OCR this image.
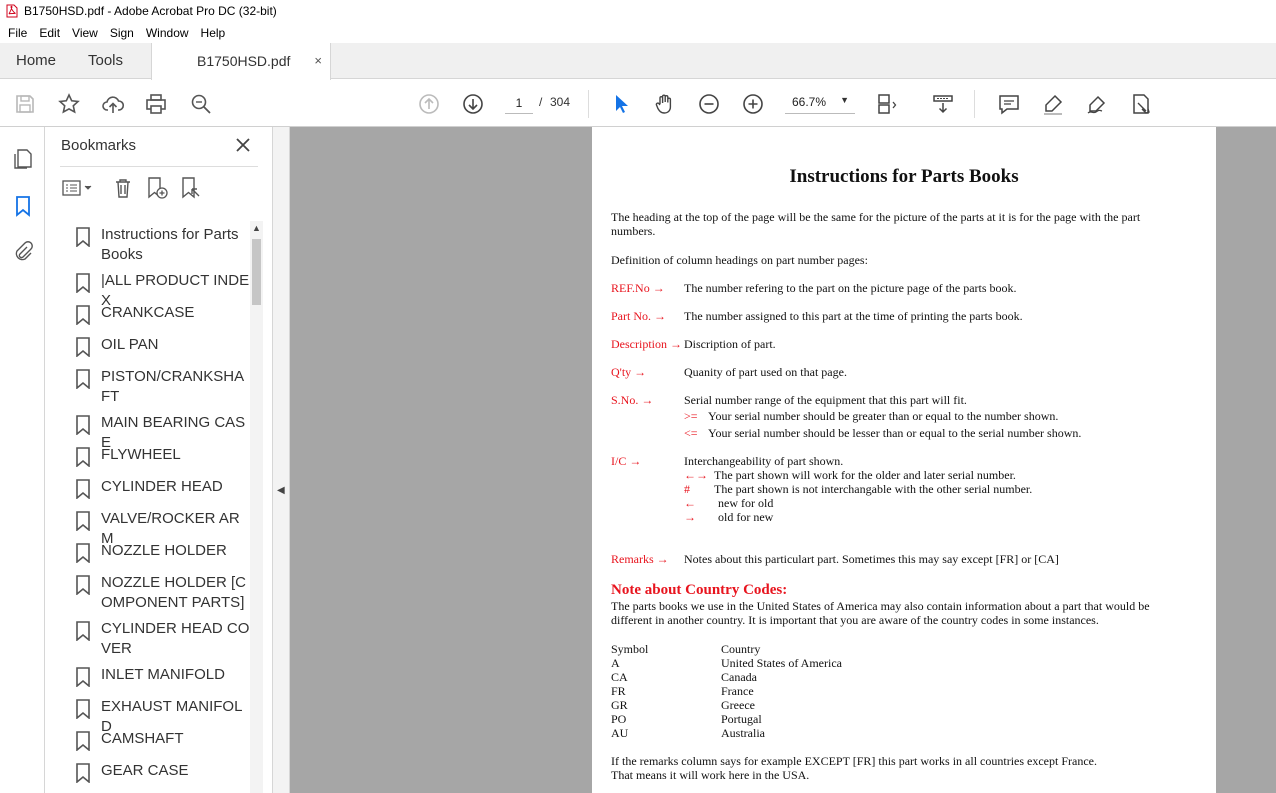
B1750HSD.pdf - Adobe Acrobat Pro DC (32-bit)
File	Edit	View	Sign	Window	Help
Home Tools	B1750HSD.pdf ×
1
/ 304	66.7% ▼
Bookmarks
Instructions for Parts Books
|ALL PRODUCT INDEX
CRANKCASE
OIL PAN
PISTON/CRANKSHAFT
MAIN BEARING CASE
FLYWHEEL
CYLINDER HEAD
VALVE/ROCKER ARM
NOZZLE HOLDER
NOZZLE HOLDER [COMPONENT PARTS]
CYLINDER HEAD COVER
INLET MANIFOLD
EXHAUST MANIFOLD
CAMSHAFT
GEAR CASE
▲
◀
Instructions for Parts Books
The heading at the top of the page will be the same for the picture of the parts at it is for the page with the part numbers.
Definition of column headings on part number pages:
REF.No →	The number refering to the part on the picture page of the parts book.
Part No. →	The number assigned to this part at the time of printing the parts book.
Description → Discription of part.
Q'ty →	Quanity of part used on that page.
S.No. →	Serial number range of the equipment that this part will fit.
>= Your serial number should be greater than or equal to the number shown.
<= Your serial number should be lesser than or equal to the serial number shown.
I/C →	Interchangeability of part shown.
←→ The part shown will work for the older and later serial number.
# The part shown is not interchangable with the other serial number.
← new for old
→ old for new
Remarks →	Notes about this particulart part. Sometimes this may say except [FR] or [CA]
Note about Country Codes:
The parts books we use in the United States of America may also contain information about a part that would be different in another country. It is important that you are aware of the country codes in some instances.
Symbol	Country
A	United States of America
CA	Canada
FR	France
GR	Greece
PO	Portugal
AU	Australia
If the remarks column says for example EXCEPT [FR] this part works in all countries except France.
That means it will work here in the USA.
